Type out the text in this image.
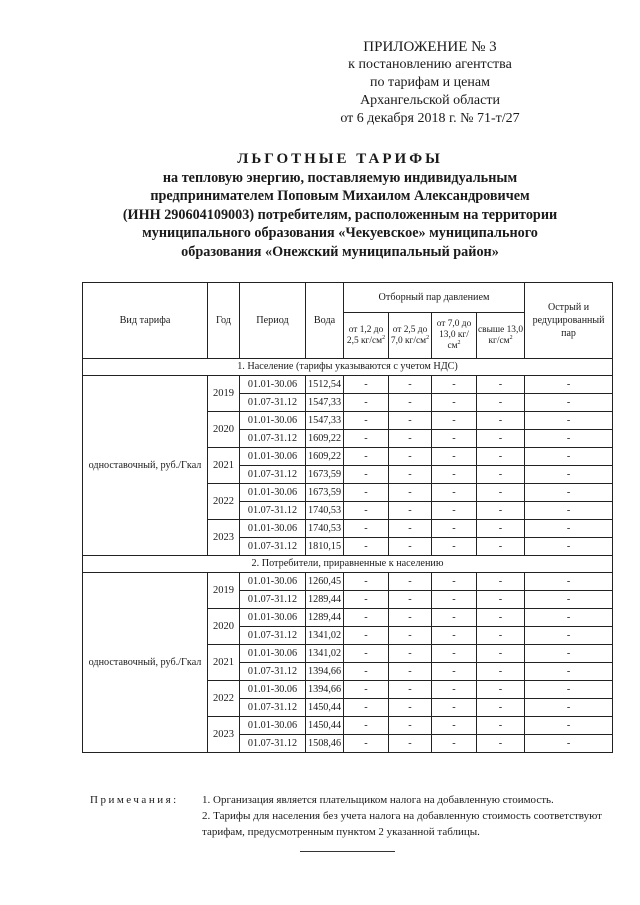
ПРИЛОЖЕНИЕ № 3
к постановлению агентства
по тарифам и ценам
Архангельской области
от 6 декабря 2018 г. № 71-т/27
ЛЬГОТНЫЕ ТАРИФЫ
на тепловую энергию, поставляемую индивидуальным
предпринимателем Поповым Михаилом Александровичем
(ИНН 290604109003) потребителям, расположенным на территории
муниципального образования «Чекуевское» муниципального
образования «Онежский муниципальный район»
Вид тарифа	Год	Период	Вода	Отборный пар давлением				Острый и редуцированный пар
				от 1,2 до 2,5 $кг/см^2$	от 2,5 до 7,0 $кг/см^2$	от 7,0 до 13,0 $кг/см^2$	свыше 13,0 $кг/см^2$
1. Население (тарифы указываются с учетом НДС)								
одноставочный, руб./Гкал	2019	01.01-30.06	1512,54	-	-	-	-	-
		01.07-31.12	1547,33	-	-	-	-	-
	2020	01.01-30.06	1547,33	-	-	-	-	-
		01.07-31.12	1609,22	-	-	-	-	-
	2021	01.01-30.06	1609,22	-	-	-	-	-
		01.07-31.12	1673,59	-	-	-	-	-
	2022	01.01-30.06	1673,59	-	-	-	-	-
		01.07-31.12	1740,53	-	-	-	-	-
	2023	01.01-30.06	1740,53	-	-	-	-	-
		01.07-31.12	1810,15	-	-	-	-	-
2. Потребители, приравненные к населению								
одноставочный, руб./Гкал	2019	01.01-30.06	1260,45	-	-	-	-	-
		01.07-31.12	1289,44	-	-	-	-	-
	2020	01.01-30.06	1289,44	-	-	-	-	-
		01.07-31.12	1341,02	-	-	-	-	-
	2021	01.01-30.06	1341,02	-	-	-	-	-
		01.07-31.12	1394,66	-	-	-	-	-
	2022	01.01-30.06	1394,66	-	-	-	-	-
		01.07-31.12	1450,44	-	-	-	-	-
	2023	01.01-30.06	1450,44	-	-	-	-	-
		01.07-31.12	1508,46	-	-	-	-	-
Примечания: 1. Организация является плательщиком налога на добавленную стоимость.
2. Тарифы для населения без учета налога на добавленную стоимость соответствуют тарифам, предусмотренным пунктом 2 указанной таблицы.
